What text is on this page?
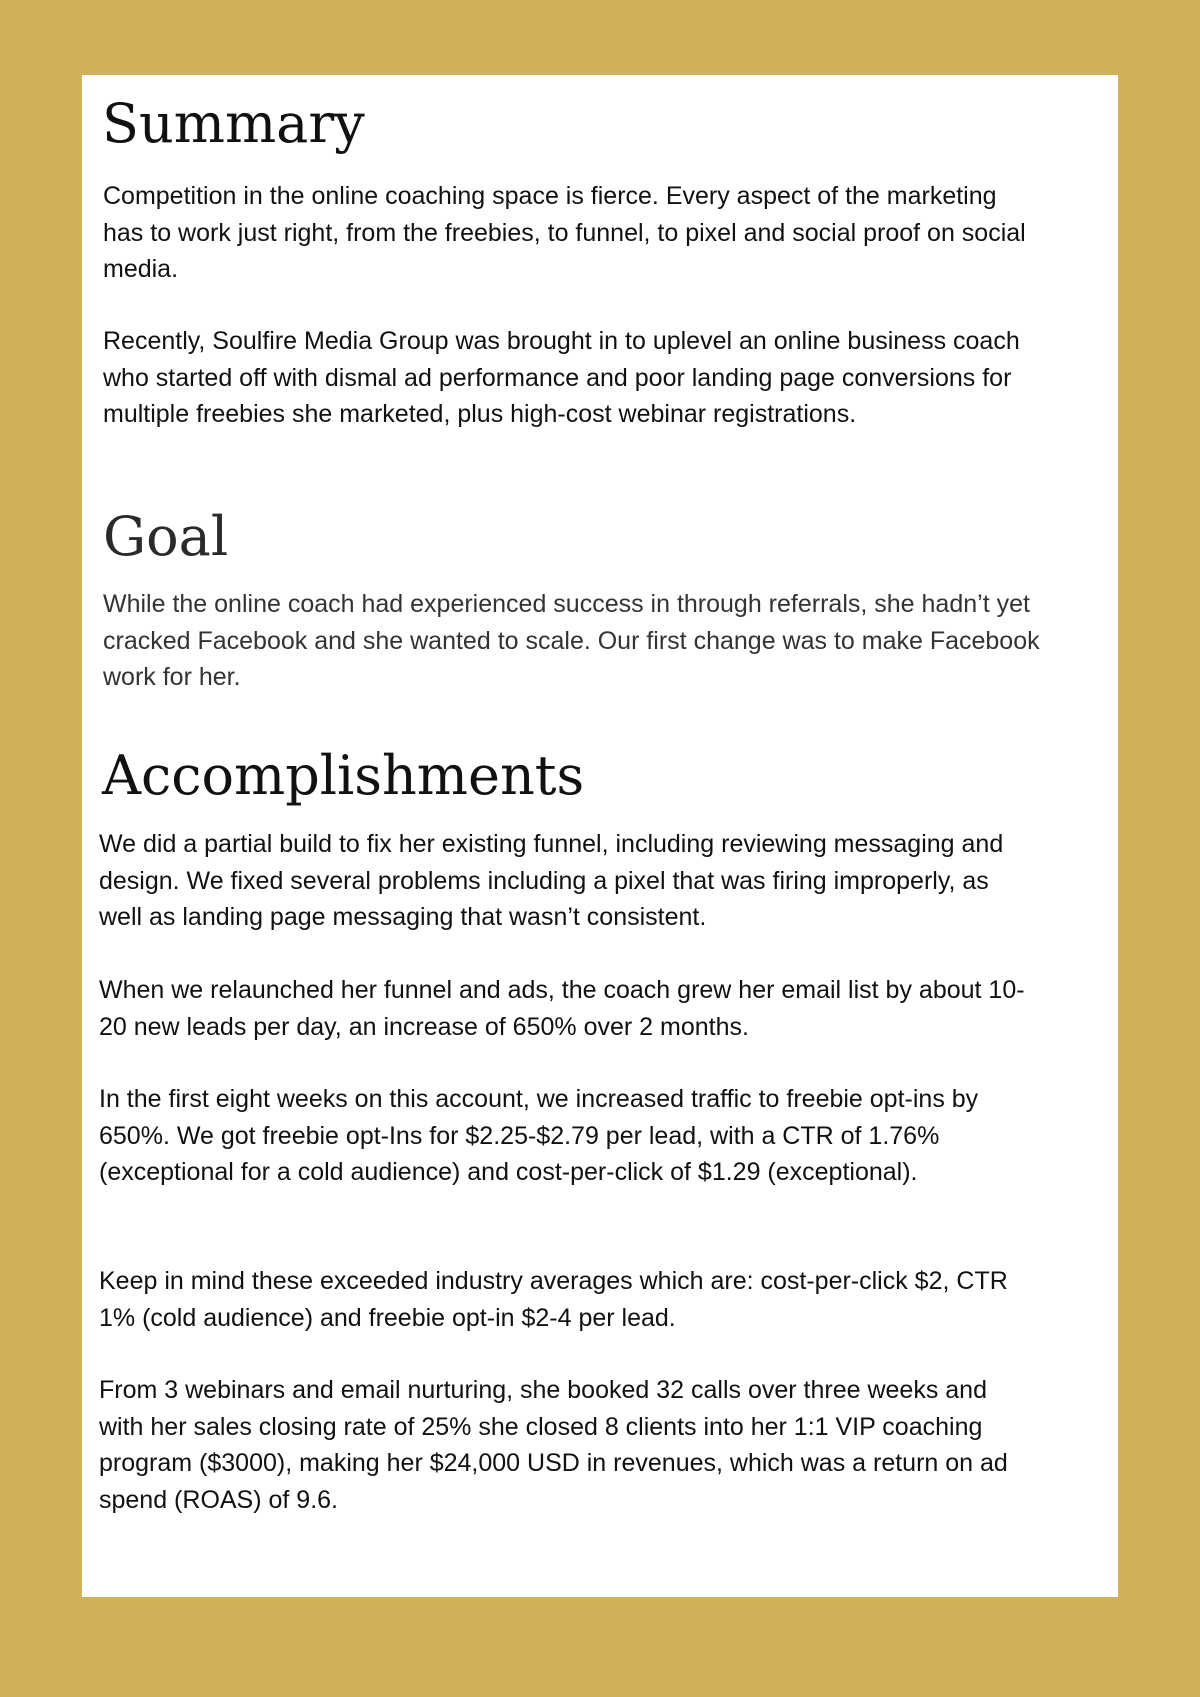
Summary

Competition in the online coaching space is fierce. Every aspect of the marketing has to work just right, from the freebies, to funnel, to pixel and social proof on social media.

Recently, Soulfire Media Group was brought in to uplevel an online business coach who started off with dismal ad performance and poor landing page conversions for multiple freebies she marketed, plus high-cost webinar registrations.

Goal

While the online coach had experienced success in through referrals, she hadn’t yet cracked Facebook and she wanted to scale. Our first change was to make Facebook work for her.

Accomplishments

We did a partial build to fix her existing funnel, including reviewing messaging and design. We fixed several problems including a pixel that was firing improperly, as well as landing page messaging that wasn’t consistent.

When we relaunched her funnel and ads, the coach grew her email list by about 10-20 new leads per day, an increase of 650% over 2 months.

In the first eight weeks on this account, we increased traffic to freebie opt-ins by 650%. We got freebie opt-Ins for $2.25-$2.79 per lead, with a CTR of 1.76% (exceptional for a cold audience) and cost-per-click of $1.29 (exceptional).

Keep in mind these exceeded industry averages which are: cost-per-click $2, CTR 1% (cold audience) and freebie opt-in $2-4 per lead.

From 3 webinars and email nurturing, she booked 32 calls over three weeks and with her sales closing rate of 25% she closed 8 clients into her 1:1 VIP coaching program ($3000), making her $24,000 USD in revenues, which was a return on ad spend (ROAS) of 9.6.
